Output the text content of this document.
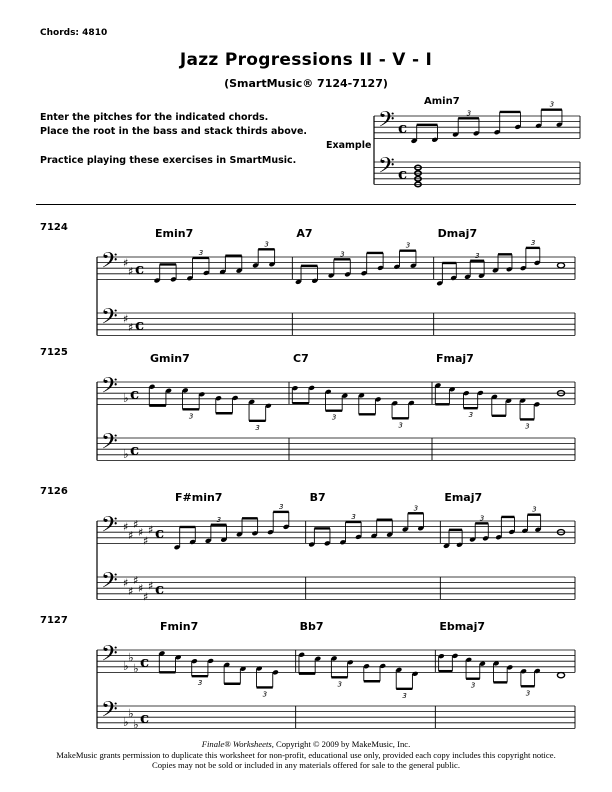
Chords: 4810
Jazz Progressions II - V - I
(SmartMusic® 7124-7127)
Enter the pitches for the indicated chords.
Place the root in the bass and stack thirds above.
Practice playing these exercises in SmartMusic.
Example
𝄢
𝄢
c
c
3
3
Amin7
7124
𝄢
𝄢
♯
♯
♯
♯
c
c
3
3
Emin7
3
3
A7
3
3
Dmaj7
7125
𝄢
𝄢
♭
♭
c
c
3
3
Gmin7
3
3
C7
3
3
Fmaj7
7126
𝄢
𝄢
♯
♯
♯
♯
♯
♯
♯
♯
♯
♯
♯
♯
c
c
3
3
F#min7
3
3
B7
3
3
Emaj7
7127
𝄢
𝄢
♭
♭
♭
♭
♭
♭
c
c
3
3
Fmin7
3
3
Bb7
3
3
Ebmaj7
Finale® Worksheets, Copyright © 2009 by MakeMusic, Inc.
MakeMusic grants permission to duplicate this worksheet for non-profit, educational use only, provided each copy includes this copyright notice.
Copies may not be sold or included in any materials offered for sale to the general public.
